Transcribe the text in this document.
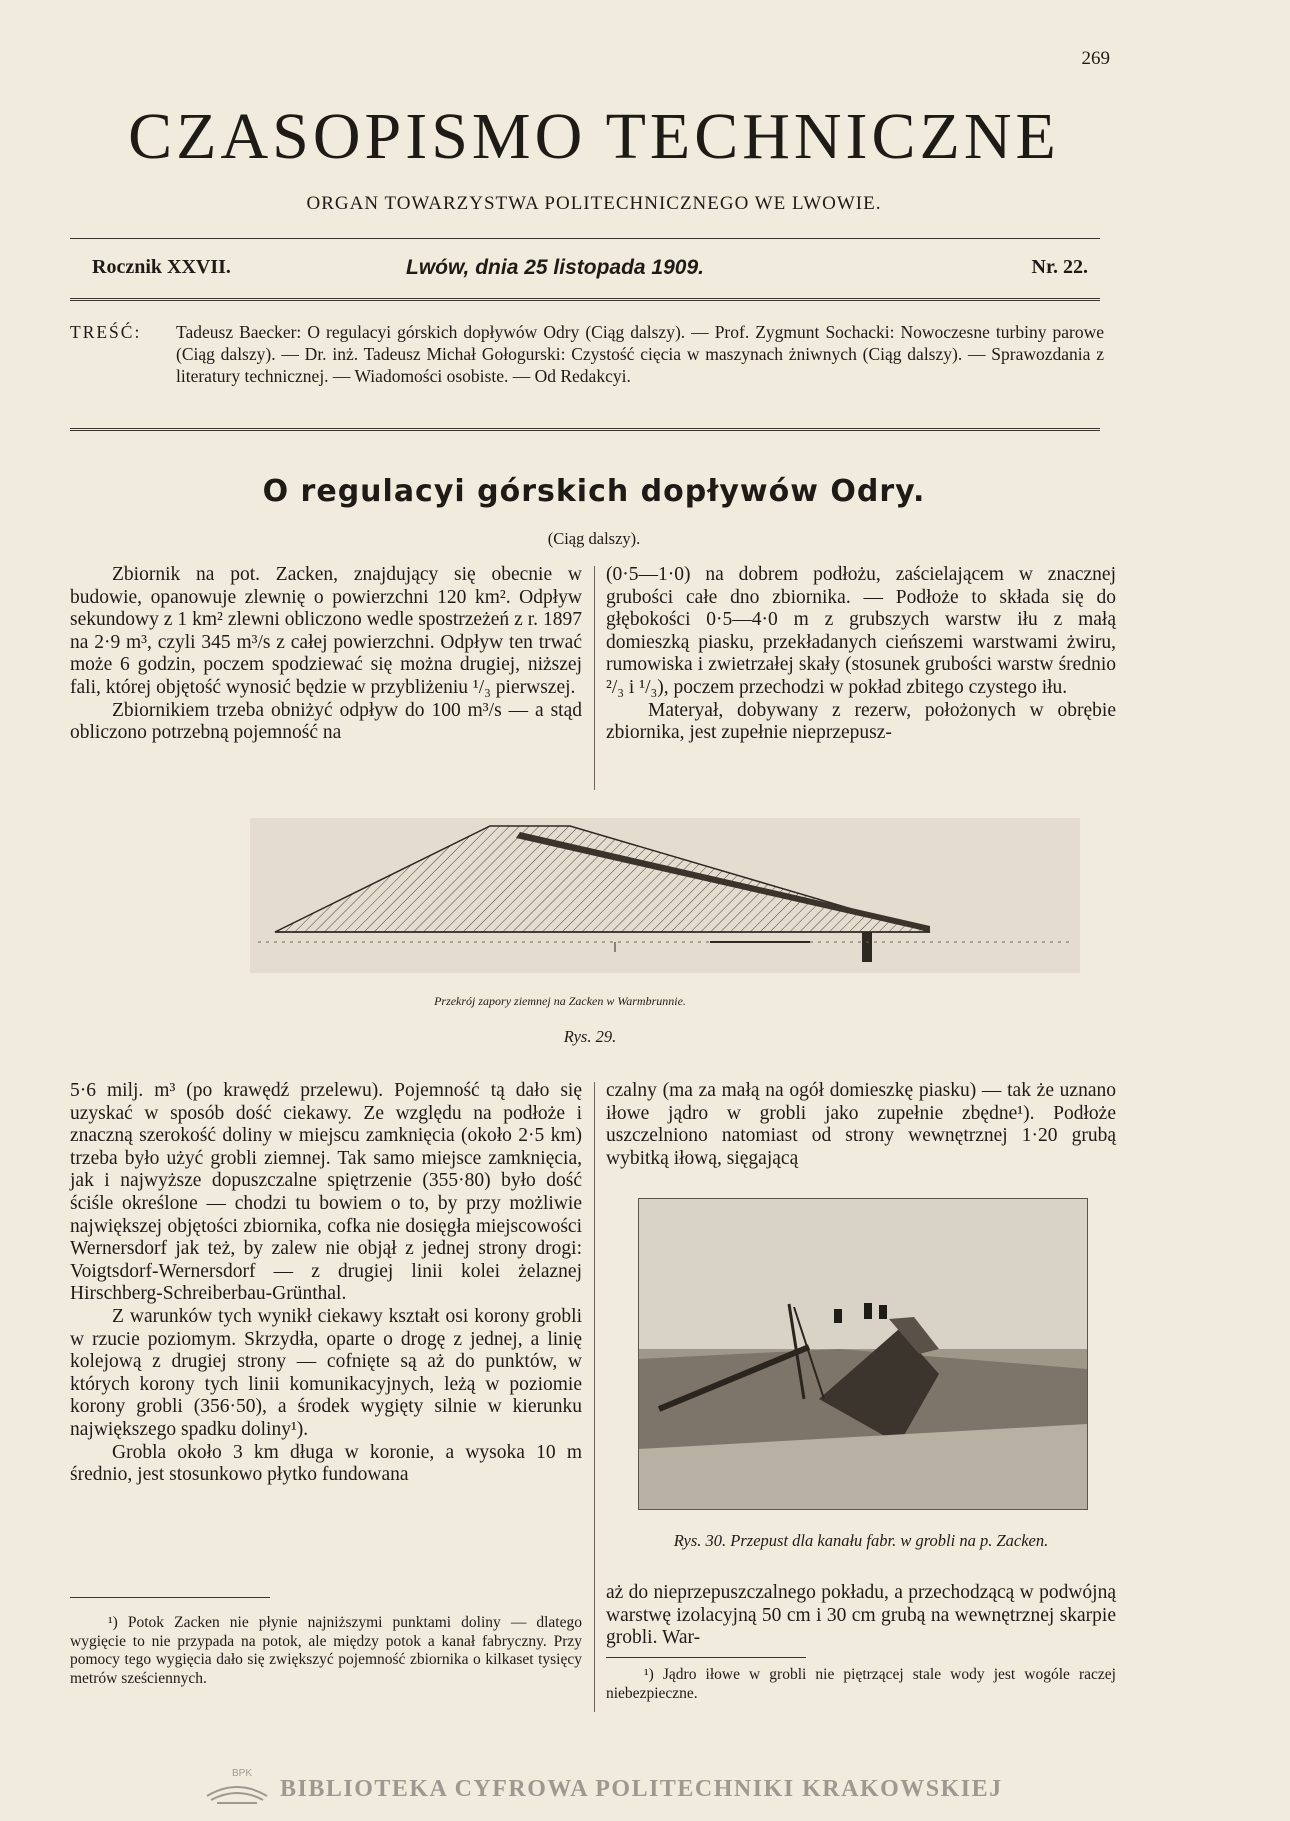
269
CZASOPISMO TECHNICZNE
ORGAN TOWARZYSTWA POLITECHNICZNEGO WE LWOWIE.
Rocznik XXVII.	Lwów, dnia 25 listopada 1909.	Nr. 22.
TREŚĆ: Tadeusz Baecker: O regulacyi górskich dopływów Odry (Ciąg dalszy). — Prof. Zygmunt Sochacki: Nowoczesne turbiny parowe (Ciąg dalszy). — Dr. inż. Tadeusz Michał Gołogurski: Czystość cięcia w maszynach żniwnych (Ciąg dalszy). — Sprawozdania z literatury technicznej. — Wiadomości osobiste. — Od Redakcyi.
O regulacyi górskich dopływów Odry.
(Ciąg dalszy).

Zbiornik na pot. Zacken, znajdujący się obecnie w budowie, opanowuje zlewnię o powierzchni 120 km². Odpływ sekundowy z 1 km² zlewni obliczono wedle spostrzeżeń z r. 1897 na 2·9 m³, czyli 345 m³/s z całej powierzchni. Odpływ ten trwać może 6 godzin, poczem spodziewać się można drugiej, niższej fali, której objętość wynosić będzie w przybliżeniu ¹/₃ pierwszej.

Zbiornikiem trzeba obniżyć odpływ do 100 m³/s — a stąd obliczono potrzebną pojemność na

(0·5—1·0) na dobrem podłożu, zaścielającem w znacznej grubości całe dno zbiornika. — Podłoże to składa się do głębokości 0·5—4·0 m z grubszych warstw iłu z małą domieszką piasku, przekładanych cieńszemi warstwami żwiru, rumowiska i zwietrzałej skały (stosunek grubości warstw średnio ²/₃ i ¹/₃), poczem przechodzi w pokład zbitego czystego iłu.

Materyał, dobywany z rezerw, położonych w obrębie zbiornika, jest zupełnie nieprzepusz-

Przekrój zapory ziemnej na Zacken w Warmbrunnie.
Rys. 29.

5·6 milj. m³ (po krawędź przelewu). Pojemność tą dało się uzyskać w sposób dość ciekawy. Ze względu na podłoże i znaczną szerokość doliny w miejscu zamknięcia (około 2·5 km) trzeba było użyć grobli ziemnej. Tak samo miejsce zamknięcia, jak i najwyższe dopuszczalne spiętrzenie (355·80) było dość ściśle określone — chodzi tu bowiem o to, by przy możliwie największej objętości zbiornika, cofka nie dosięgła miejscowości Wernersdorf jak też, by zalew nie objął z jednej strony drogi: Voigtsdorf-Wernersdorf — z drugiej linii kolei żelaznej Hirschberg-Schreiberbau-Grünthal.

Z warunków tych wynikł ciekawy kształt osi korony grobli w rzucie poziomym. Skrzydła, oparte o drogę z jednej, a linię kolejową z drugiej strony — cofnięte są aż do punktów, w których korony tych linii komunikacyjnych, leżą w poziomie korony grobli (356·50), a środek wygięty silnie w kierunku największego spadku doliny¹).

Grobla około 3 km długa w koronie, a wysoka 10 m średnio, jest stosunkowo płytko fundowana

czalny (ma za małą na ogół domieszkę piasku) — tak że uznano iłowe jądro w grobli jako zupełnie zbędne¹). Podłoże uszczelniono natomiast od strony wewnętrznej 1·20 grubą wybitką iłową, sięgającą

Rys. 30. Przepust dla kanału fabr. w grobli na p. Zacken.

aż do nieprzepuszczalnego pokładu, a przechodzącą w podwójną warstwę izolacyjną 50 cm i 30 cm grubą na wewnętrznej skarpie grobli. War-

¹) Potok Zacken nie płynie najniższymi punktami doliny — dlatego wygięcie to nie przypada na potok, ale między potok a kanał fabryczny. Przy pomocy tego wygięcia dało się zwiększyć pojemność zbiornika o kilkaset tysięcy metrów sześciennych.	¹) Jądro iłowe w grobli nie piętrzącej stale wody jest wogóle raczej niebezpieczne.

BPK
BIBLIOTEKA CYFROWA POLITECHNIKI KRAKOWSKIEJ
